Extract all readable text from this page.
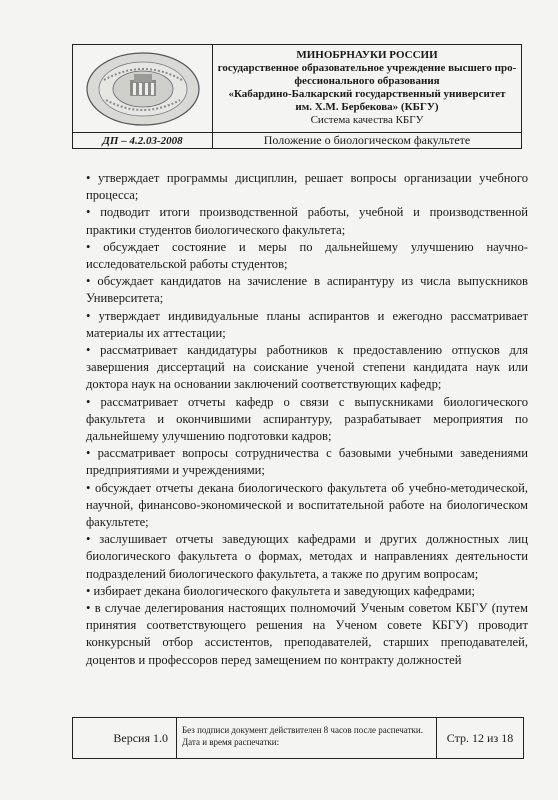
МИНОБРНАУКИ РОССИИ
государственное образовательное учреждение высшего про-
фессионального образования
«Кабардино-Балкарский государственный университет
им. Х.М. Бербекова» (КБГУ)
Система качества КБГУ
ДП – 4.2.03-2008	Положение о биологическом факультете

• утверждает программы дисциплин, решает вопросы организации учебного процесса;

• подводит итоги производственной работы, учебной и производственной практики студентов биологического факультета;

• обсуждает состояние и меры по дальнейшему улучшению научно-исследовательской работы студентов;

• обсуждает кандидатов на зачисление в аспирантуру из числа выпускников Университета;

• утверждает индивидуальные планы аспирантов и ежегодно рассматривает материалы их аттестации;

• рассматривает кандидатуры работников к предоставлению отпусков для завершения диссертаций на соискание ученой степени кандидата наук или доктора наук на основании заключений соответствующих кафедр;

• рассматривает отчеты кафедр о связи с выпускниками биологического факультета и окончившими аспирантуру, разрабатывает мероприятия по дальнейшему улучшению подготовки кадров;

• рассматривает вопросы сотрудничества с базовыми учебными заведениями предприятиями и учреждениями;

• обсуждает отчеты декана биологического факультета об учебно-методической, научной, финансово-экономической и воспитательной работе на биологическом факультете;

• заслушивает отчеты заведующих кафедрами и других должностных лиц биологического факультета о формах, методах и направлениях деятельности подразделений биологического факультета, а также по другим вопросам;

• избирает декана биологического факультета и заведующих кафедрами;

• в случае делегирования настоящих полномочий Ученым советом КБГУ (путем принятия соответствующего решения на Ученом совете КБГУ) проводит конкурсный отбор ассистентов, преподавателей, старших преподавателей, доцентов и профессоров перед замещением по контракту должностей

Версия 1.0
Без подписи документ действителен 8 часов после распечатки.
Дата и время распечатки:	Стр. 12 из 18
